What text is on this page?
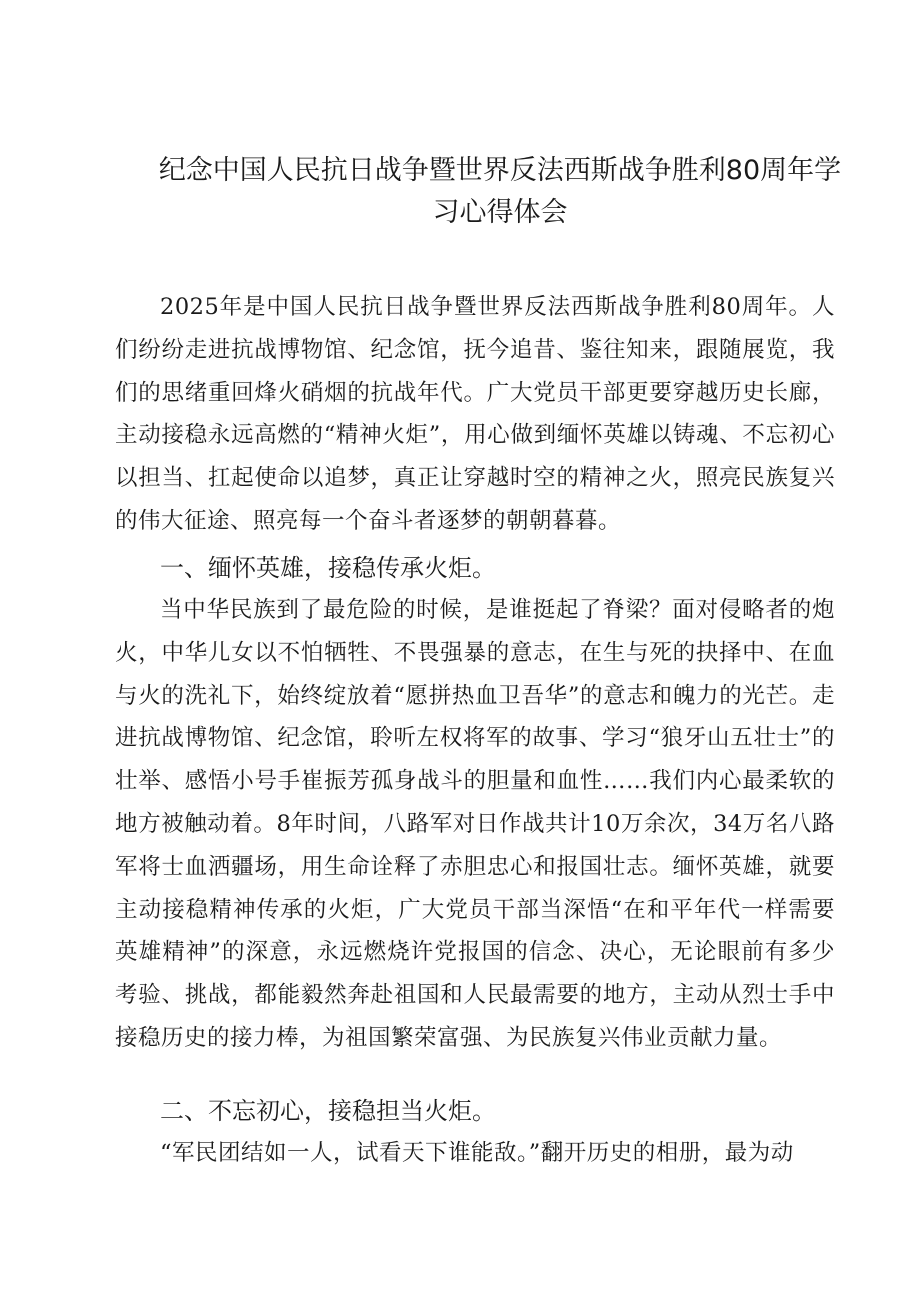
纪念中国人民抗日战争暨世界反法西斯战争胜利80周年学习心得体会
2025年是中国人民抗日战争暨世界反法西斯战争胜利80周年。人们纷纷走进抗战博物馆、纪念馆，抚今追昔、鉴往知来，跟随展览，我们的思绪重回烽火硝烟的抗战年代。广大党员干部更要穿越历史长廊，主动接稳永远高燃的“精神火炬”，用心做到缅怀英雄以铸魂、不忘初心以担当、扛起使命以追梦，真正让穿越时空的精神之火，照亮民族复兴的伟大征途、照亮每一个奋斗者逐梦的朝朝暮暮。
一、缅怀英雄，接稳传承火炬。
当中华民族到了最危险的时候，是谁挺起了脊梁？面对侵略者的炮火，中华儿女以不怕牺牲、不畏强暴的意志，在生与死的抉择中、在血与火的洗礼下，始终绽放着“愿拼热血卫吾华”的意志和魄力的光芒。走进抗战博物馆、纪念馆，聆听左权将军的故事、学习“狼牙山五壮士”的壮举、感悟小号手崔振芳孤身战斗的胆量和血性……我们内心最柔软的地方被触动着。8年时间，八路军对日作战共计10万余次，34万名八路军将士血洒疆场，用生命诠释了赤胆忠心和报国壮志。缅怀英雄，就要主动接稳精神传承的火炬，广大党员干部当深悟“在和平年代一样需要英雄精神”的深意，永远燃烧许党报国的信念、决心，无论眼前有多少考验、挑战，都能毅然奔赴祖国和人民最需要的地方，主动从烈士手中接稳历史的接力棒，为祖国繁荣富强、为民族复兴伟业贡献力量。
二、不忘初心，接稳担当火炬。
“军民团结如一人，试看天下谁能敌。”翻开历史的相册，最为动
